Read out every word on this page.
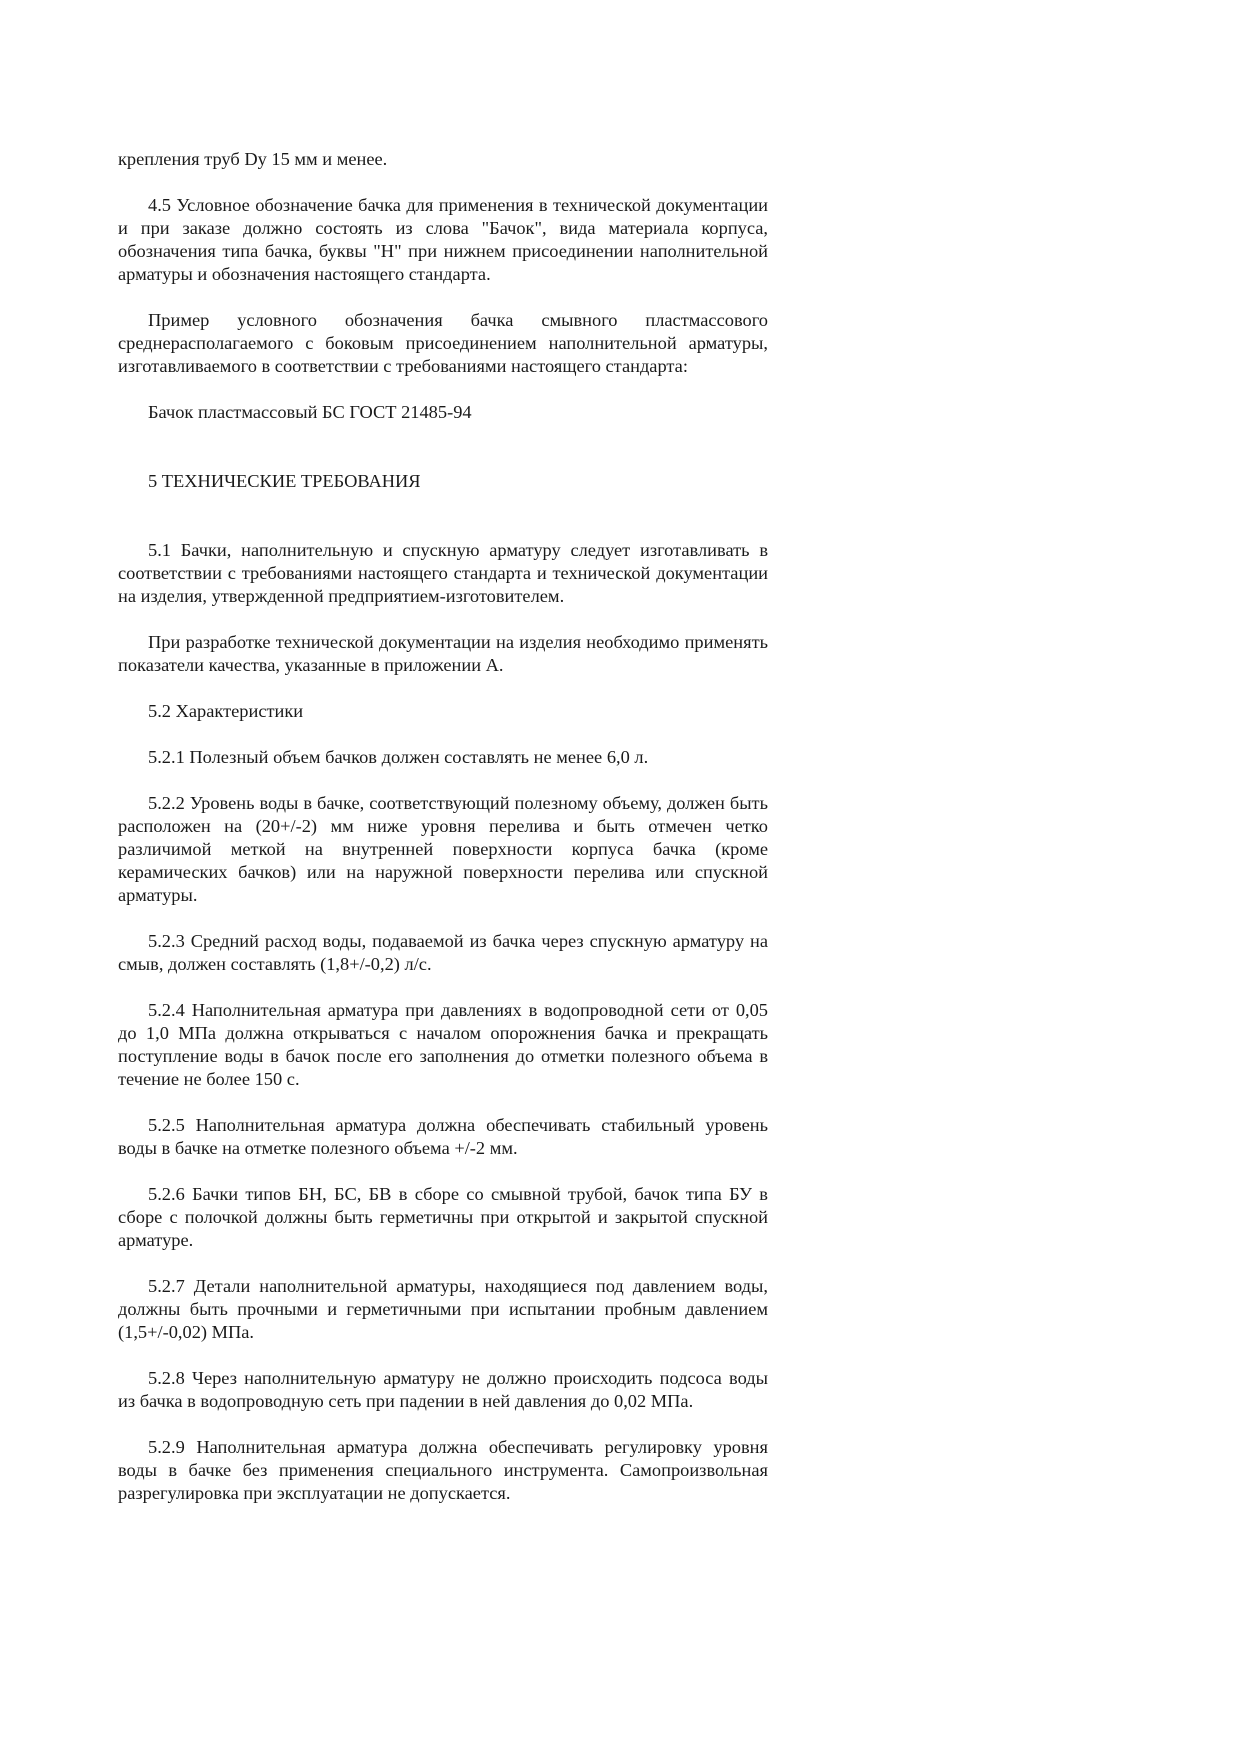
крепления труб Dy 15 мм и менее.

4.5 Условное обозначение бачка для применения в технической документации и при заказе должно состоять из слова "Бачок", вида материала корпуса, обозначения типа бачка, буквы "Н" при нижнем присоединении наполнительной арматуры и обозначения настоящего стандарта.

Пример условного обозначения бачка смывного пластмассового среднерасполагаемого с боковым присоединением наполнительной арматуры, изготавливаемого в соответствии с требованиями настоящего стандарта:

Бачок пластмассовый БС ГОСТ 21485-94

5 ТЕХНИЧЕСКИЕ ТРЕБОВАНИЯ

5.1 Бачки, наполнительную и спускную арматуру следует изготавливать в соответствии с требованиями настоящего стандарта и технической документации на изделия, утвержденной предприятием-изготовителем.

При разработке технической документации на изделия необходимо применять показатели качества, указанные в приложении А.

5.2 Характеристики

5.2.1 Полезный объем бачков должен составлять не менее 6,0 л.

5.2.2 Уровень воды в бачке, соответствующий полезному объему, должен быть расположен на (20+/-2) мм ниже уровня перелива и быть отмечен четко различимой меткой на внутренней поверхности корпуса бачка (кроме керамических бачков) или на наружной поверхности перелива или спускной арматуры.

5.2.3 Средний расход воды, подаваемой из бачка через спускную арматуру на смыв, должен составлять (1,8+/-0,2) л/с.

5.2.4 Наполнительная арматура при давлениях в водопроводной сети от 0,05 до 1,0 МПа должна открываться с началом опорожнения бачка и прекращать поступление воды в бачок после его заполнения до отметки полезного объема в течение не более 150 с.

5.2.5 Наполнительная арматура должна обеспечивать стабильный уровень воды в бачке на отметке полезного объема +/-2 мм.

5.2.6 Бачки типов БН, БС, БВ в сборе со смывной трубой, бачок типа БУ в сборе с полочкой должны быть герметичны при открытой и закрытой спускной арматуре.

5.2.7 Детали наполнительной арматуры, находящиеся под давлением воды, должны быть прочными и герметичными при испытании пробным давлением (1,5+/-0,02) МПа.

5.2.8 Через наполнительную арматуру не должно происходить подсоса воды из бачка в водопроводную сеть при падении в ней давления до 0,02 МПа.

5.2.9 Наполнительная арматура должна обеспечивать регулировку уровня воды в бачке без применения специального инструмента. Самопроизвольная разрегулировка при эксплуатации не допускается.
